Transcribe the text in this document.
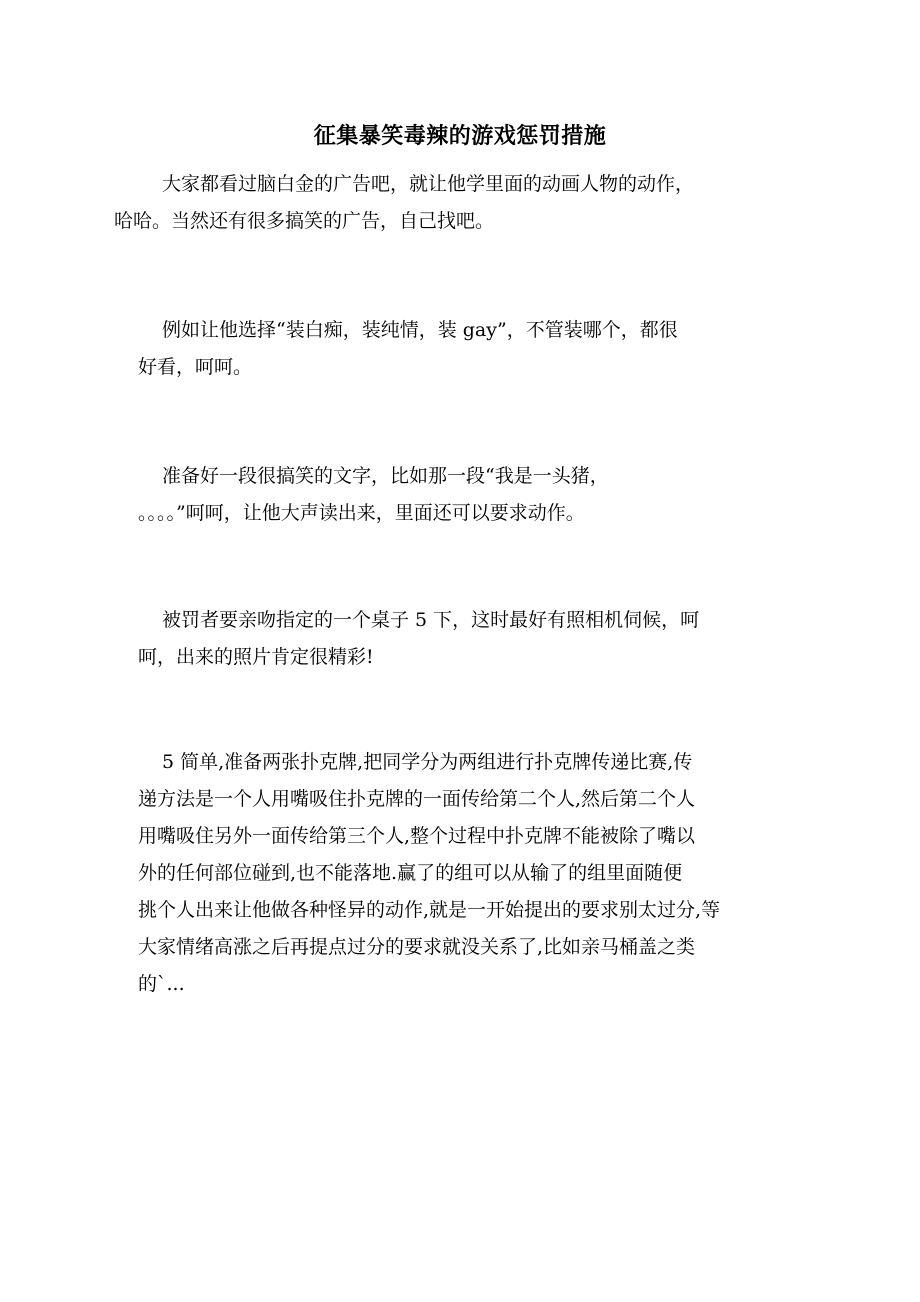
征集暴笑毒辣的游戏惩罚措施

大家都看过脑白金的广告吧，就让他学里面的动画人物的动作，
哈哈。当然还有很多搞笑的广告，自己找吧。

例如让他选择“装白痴，装纯情，装 gay”，不管装哪个，都很
好看，呵呵。

准备好一段很搞笑的文字，比如那一段“我是一头猪，
。。。。”呵呵，让他大声读出来，里面还可以要求动作。

被罚者要亲吻指定的一个桌子 5 下，这时最好有照相机伺候，呵
呵，出来的照片肯定很精彩!

5 简单,准备两张扑克牌,把同学分为两组进行扑克牌传递比赛,传
递方法是一个人用嘴吸住扑克牌的一面传给第二个人,然后第二个人
用嘴吸住另外一面传给第三个人,整个过程中扑克牌不能被除了嘴以
外的任何部位碰到,也不能落地.赢了的组可以从输了的组里面随便
挑个人出来让他做各种怪异的动作,就是一开始提出的要求别太过分,等
大家情绪高涨之后再提点过分的要求就没关系了,比如亲马桶盖之类
的`...
